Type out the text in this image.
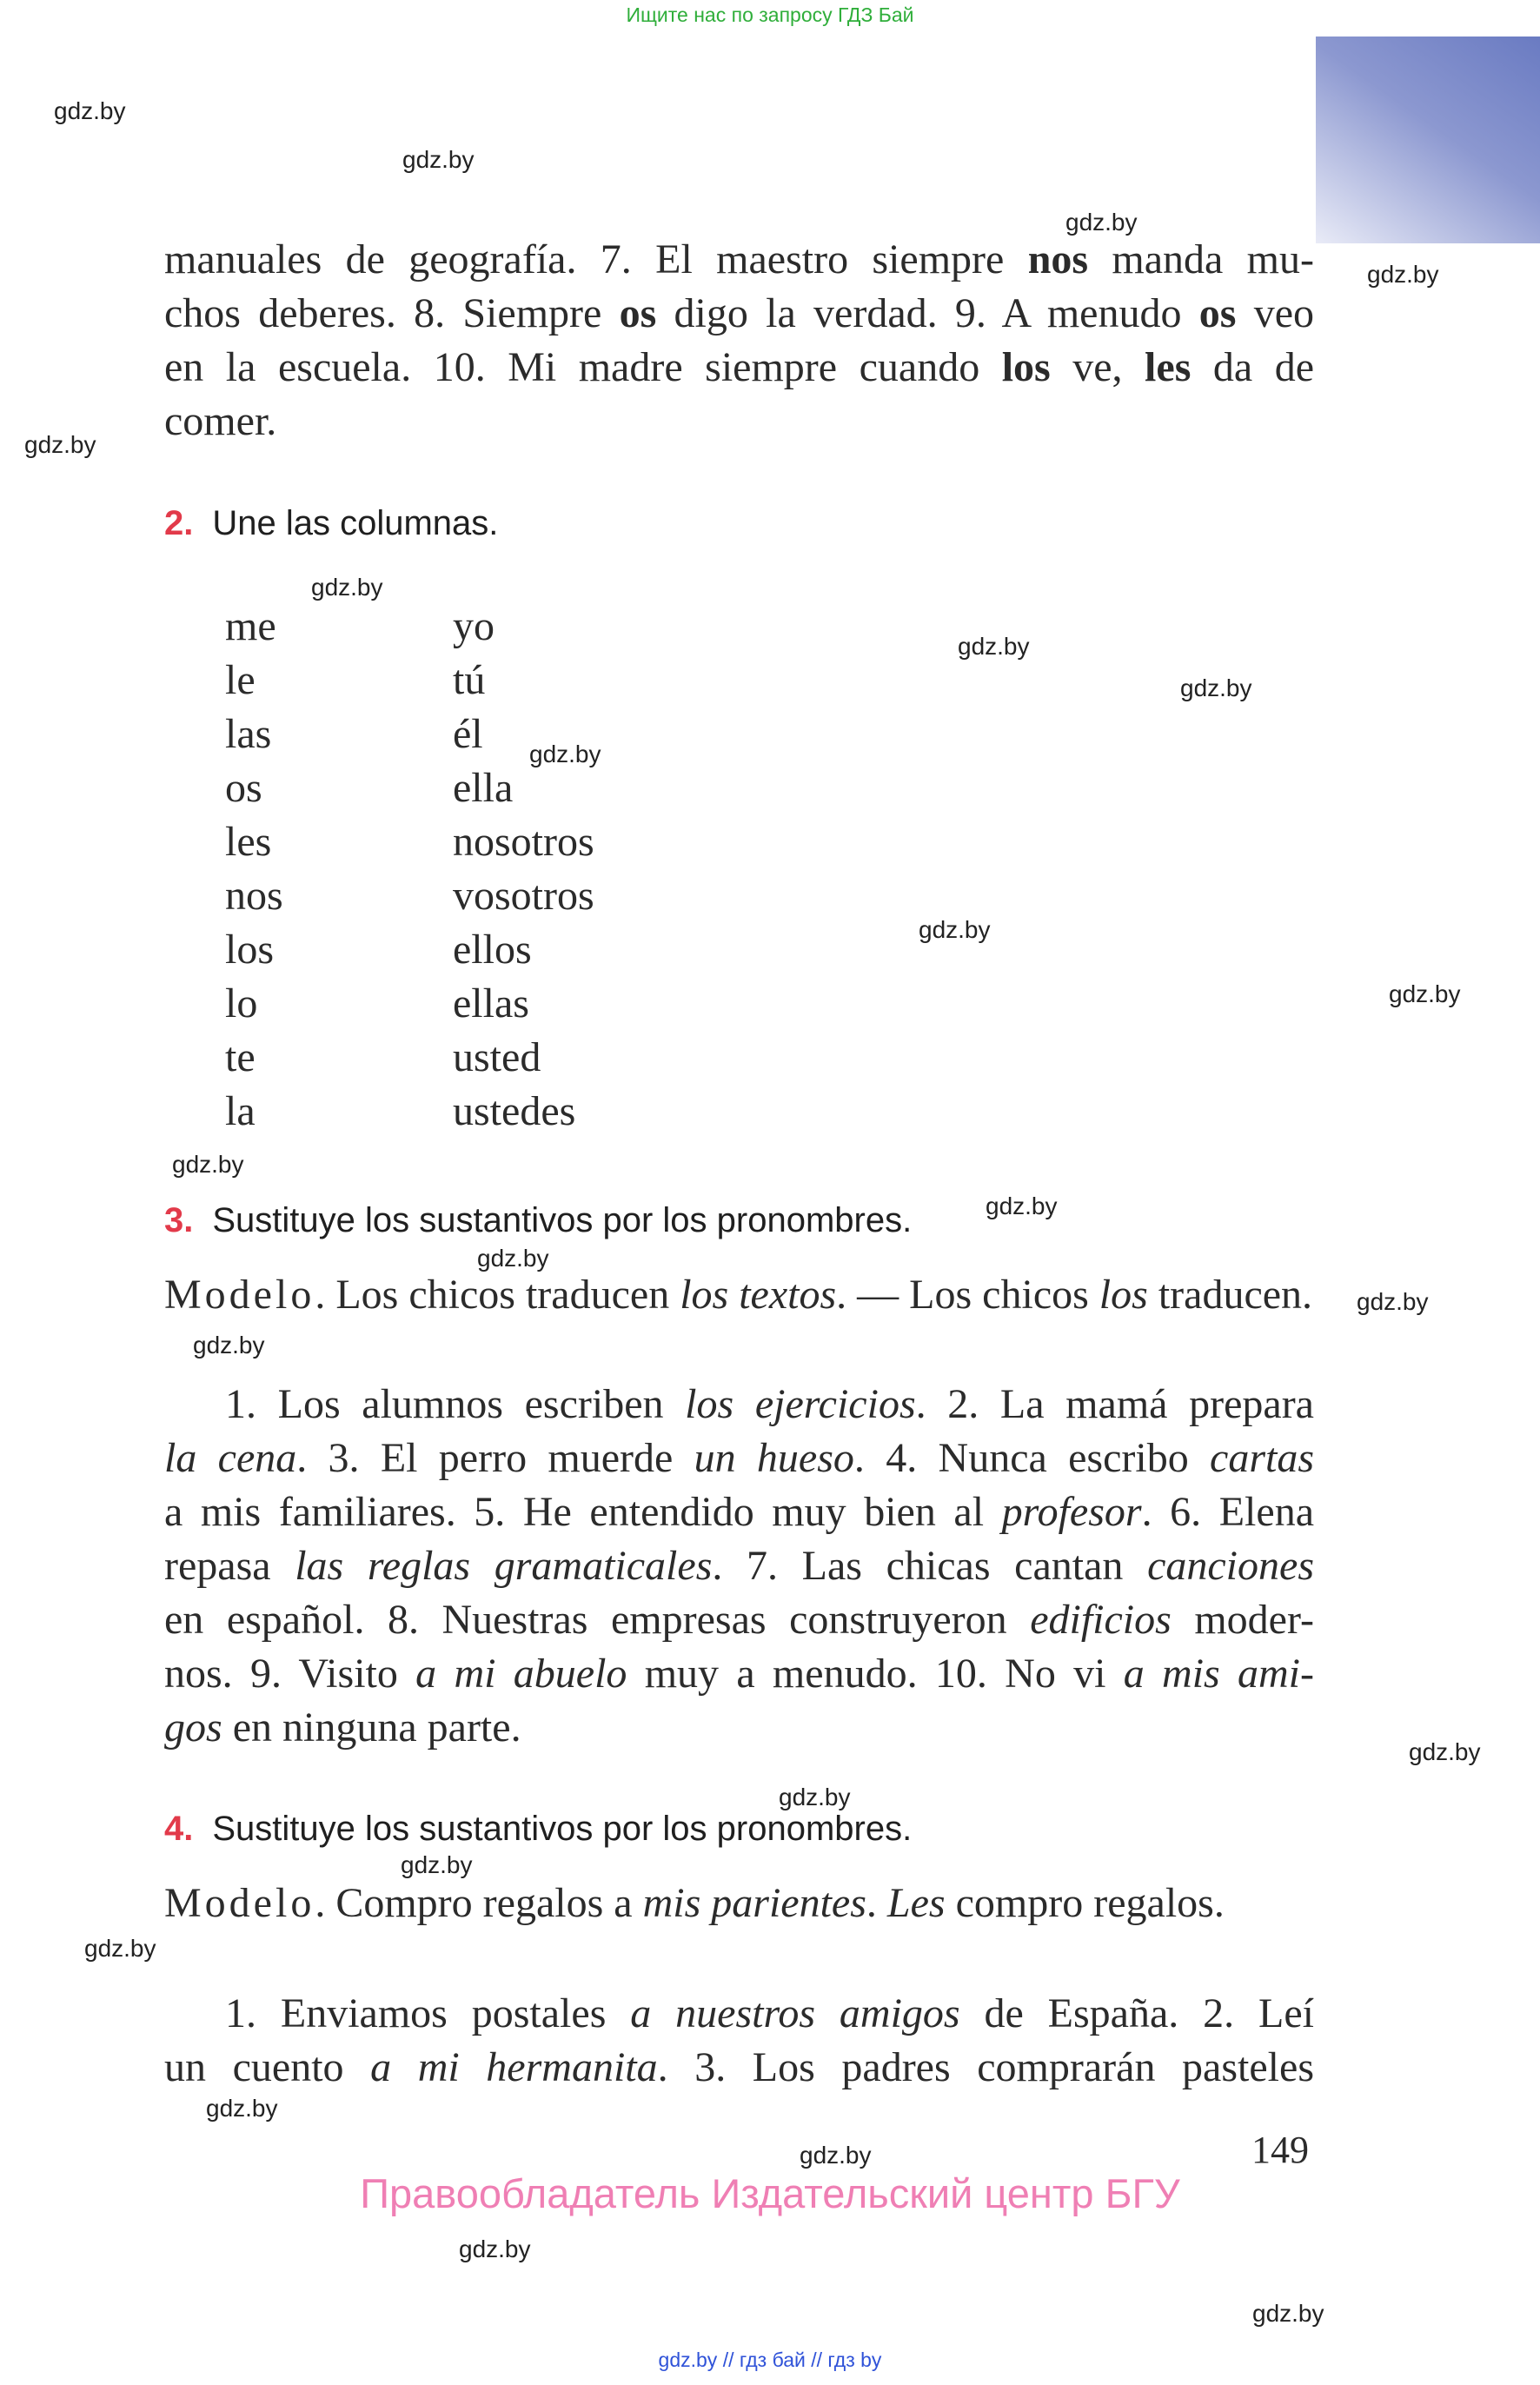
Ищите нас по запросу ГДЗ Бай
gdz.by
gdz.by
gdz.by
gdz.by
gdz.by
gdz.by
gdz.by
gdz.by
gdz.by
gdz.by
gdz.by
gdz.by
gdz.by
gdz.by
gdz.by
gdz.by
gdz.by
gdz.by
gdz.by
gdz.by
gdz.by
gdz.by
gdz.by
gdz.by
manuales de geografía. 7. El maestro siempre nos manda mu-
chos deberes. 8. Siempre os digo la verdad. 9. A menudo os veo
en la escuela. 10. Mi madre siempre cuando los ve, les da de
comer.
2. Une las columnas.
me	yo
le	tú
las	él
os	ella
les	nosotros
nos	vosotros
los	ellos
lo	ellas
te	usted
la	ustedes
3. Sustituye los sustantivos por los pronombres.
Modelo. Los chicos traducen los textos. — Los chicos los traducen.
1. Los alumnos escriben los ejercicios. 2. La mamá prepara
la cena. 3. El perro muerde un hueso. 4. Nunca escribo cartas
a mis familiares. 5. He entendido muy bien al profesor. 6. Elena
repasa las reglas gramaticales. 7. Las chicas cantan canciones
en español. 8. Nuestras empresas construyeron edificios moder-
nos. 9. Visito a mi abuelo muy a menudo. 10. No vi a mis ami-
gos en ninguna parte.
4. Sustituye los sustantivos por los pronombres.
Modelo. Compro regalos a mis parientes. Les compro regalos.
1. Enviamos postales a nuestros amigos de España. 2. Leí
un cuento a mi hermanita. 3. Los padres comprarán pasteles
149
Правообладатель Издательский центр БГУ
gdz.by // гдз бай // гдз by
